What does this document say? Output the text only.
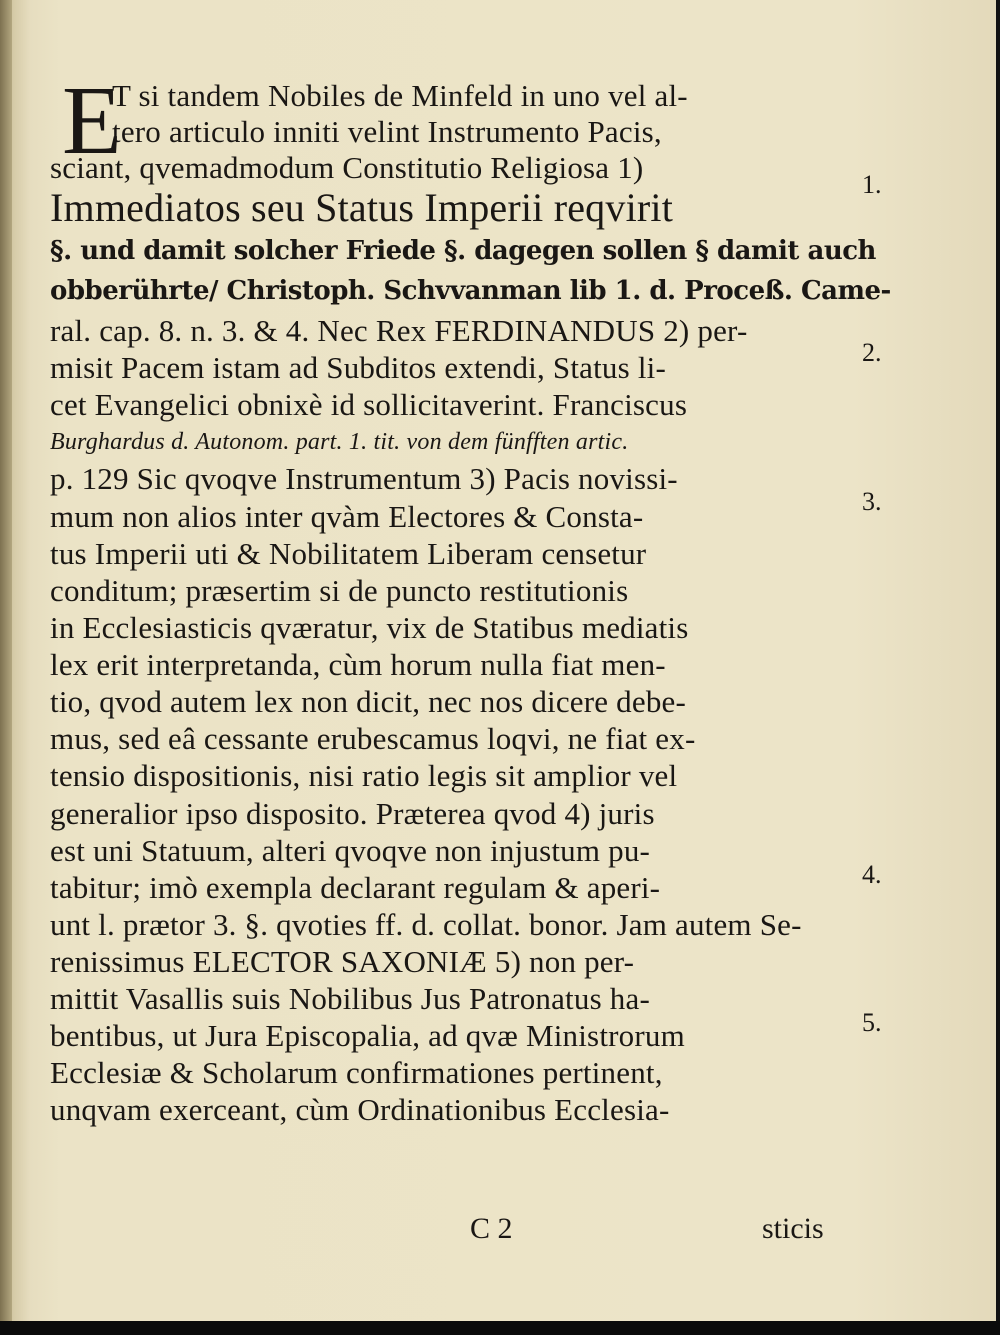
E
T si tandem Nobiles de Minfeld in uno vel al-
tero articulo inniti velint Instrumento Pacis,
sciant, qvemadmodum Constitutio Religiosa 1)
Immediatos seu Status Imperii reqvirit
§. und damit solcher Friede §. dagegen sollen § damit auch
obberührte/ Christoph. Schvvanman lib 1. d. Proceß. Came-
ral. cap. 8. n. 3. & 4. Nec Rex FERDINANDUS 2) per-
misit Pacem istam ad Subditos extendi, Status li-
cet Evangelici obnixè id sollicitaverint. Franciscus
Burghardus d. Autonom. part. 1. tit. von dem fünfften artic.
p. 129 Sic qvoqve Instrumentum 3) Pacis novissi-
mum non alios inter qvàm Electores & Consta-
tus Imperii uti & Nobilitatem Liberam censetur
conditum; præsertim si de puncto restitutionis
in Ecclesiasticis qværatur, vix de Statibus mediatis
lex erit interpretanda, cùm horum nulla fiat men-
tio, qvod autem lex non dicit, nec nos dicere debe-
mus, sed eâ cessante erubescamus loqvi, ne fiat ex-
tensio dispositionis, nisi ratio legis sit amplior vel
generalior ipso disposito. Præterea qvod 4) juris
est uni Statuum, alteri qvoqve non injustum pu-
tabitur; imò exempla declarant regulam & aperi-
unt l. prætor 3. §. qvoties ff. d. collat. bonor. Jam autem Se-
renissimus ELECTOR SAXONIÆ 5) non per-
mittit Vasallis suis Nobilibus Jus Patronatus ha-
bentibus, ut Jura Episcopalia, ad qvæ Ministrorum
Ecclesiæ & Scholarum confirmationes pertinent,
unqvam exerceant, cùm Ordinationibus Ecclesia-
1.
2.
3.
4.
5.
C 2	sticis
